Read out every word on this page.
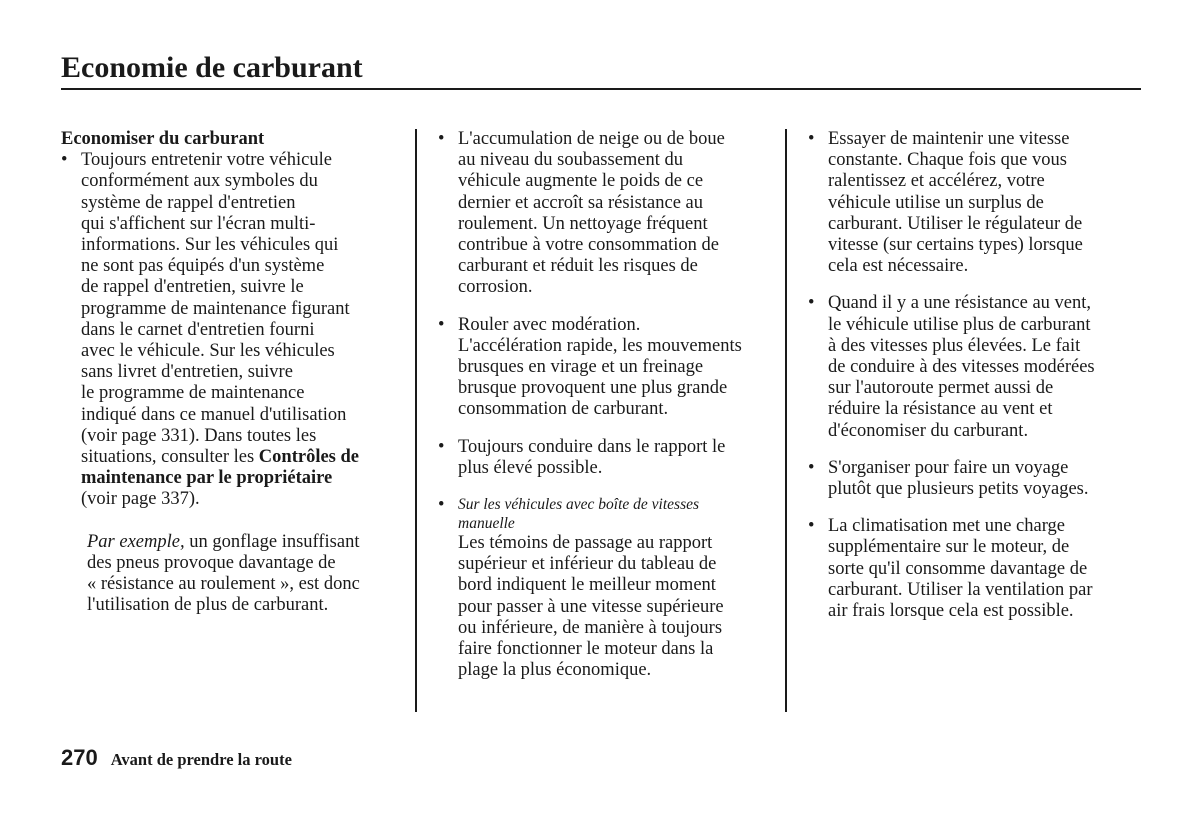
Economie de carburant
Economiser du carburant
• Toujours entretenir votre véhicule
conformément aux symboles du
système de rappel d'entretien
qui s'affichent sur l'écran multi-
informations. Sur les véhicules qui
ne sont pas équipés d'un système
de rappel d'entretien, suivre le
programme de maintenance figurant
dans le carnet d'entretien fourni
avec le véhicule. Sur les véhicules
sans livret d'entretien, suivre
le programme de maintenance
indiqué dans ce manuel d'utilisation
(voir page 331). Dans toutes les
situations, consulter les Contrôles de
maintenance par le propriétaire
(voir page 337).
Par exemple, un gonflage insuffisant
des pneus provoque davantage de
« résistance au roulement », est donc
l'utilisation de plus de carburant.
• L'accumulation de neige ou de boue
au niveau du soubassement du
véhicule augmente le poids de ce
dernier et accroît sa résistance au
roulement. Un nettoyage fréquent
contribue à votre consommation de
carburant et réduit les risques de
corrosion.
• Rouler avec modération.
L'accélération rapide, les mouvements
brusques en virage et un freinage
brusque provoquent une plus grande
consommation de carburant.
• Toujours conduire dans le rapport le
plus élevé possible.
• Sur les véhicules avec boîte de vitesses
manuelle
Les témoins de passage au rapport
supérieur et inférieur du tableau de
bord indiquent le meilleur moment
pour passer à une vitesse supérieure
ou inférieure, de manière à toujours
faire fonctionner le moteur dans la
plage la plus économique.
• Essayer de maintenir une vitesse
constante. Chaque fois que vous
ralentissez et accélérez, votre
véhicule utilise un surplus de
carburant. Utiliser le régulateur de
vitesse (sur certains types) lorsque
cela est nécessaire.
• Quand il y a une résistance au vent,
le véhicule utilise plus de carburant
à des vitesses plus élevées. Le fait
de conduire à des vitesses modérées
sur l'autoroute permet aussi de
réduire la résistance au vent et
d'économiser du carburant.
• S'organiser pour faire un voyage
plutôt que plusieurs petits voyages.
• La climatisation met une charge
supplémentaire sur le moteur, de
sorte qu'il consomme davantage de
carburant. Utiliser la ventilation par
air frais lorsque cela est possible.
270 Avant de prendre la route
